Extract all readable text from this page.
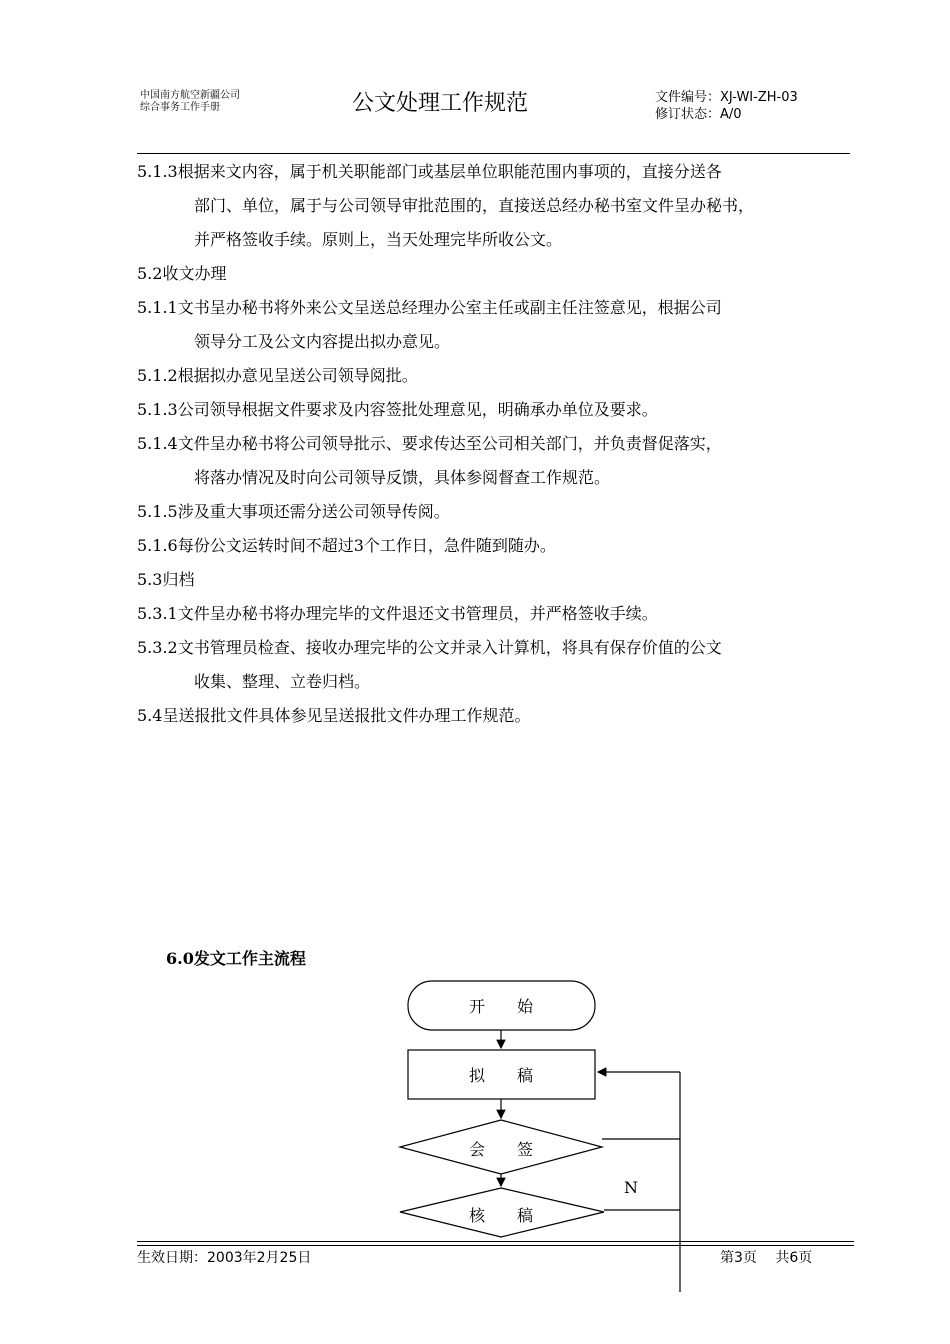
中国南方航空新疆公司
综合事务工作手册	公文处理工作规范	文件编号：XJ-WI-ZH-03
修订状态：A/0
5.1.3根据来文内容，属于机关职能部门或基层单位职能范围内事项的，直接分送各
部门、单位，属于与公司领导审批范围的，直接送总经办秘书室文件呈办秘书，
并严格签收手续。原则上，当天处理完毕所收公文。
5.2收文办理
5.1.1文书呈办秘书将外来公文呈送总经理办公室主任或副主任注签意见，根据公司
领导分工及公文内容提出拟办意见。
5.1.2根据拟办意见呈送公司领导阅批。
5.1.3公司领导根据文件要求及内容签批处理意见，明确承办单位及要求。
5.1.4文件呈办秘书将公司领导批示、要求传达至公司相关部门，并负责督促落实，
将落办情况及时向公司领导反馈，具体参阅督查工作规范。
5.1.5涉及重大事项还需分送公司领导传阅。
5.1.6每份公文运转时间不超过3个工作日，急件随到随办。
5.3归档
5.3.1文件呈办秘书将办理完毕的文件退还文书管理员，并严格签收手续。
5.3.2文书管理员检查、接收办理完毕的公文并录入计算机，将具有保存价值的公文
收集、整理、立卷归档。
5.4呈送报批文件具体参见呈送报批文件办理工作规范。
6.0发文工作主流程
开　　始
拟　　稿
会　　签
核　　稿
N
生效日期：2003年2月25日	第3页　 共6页
